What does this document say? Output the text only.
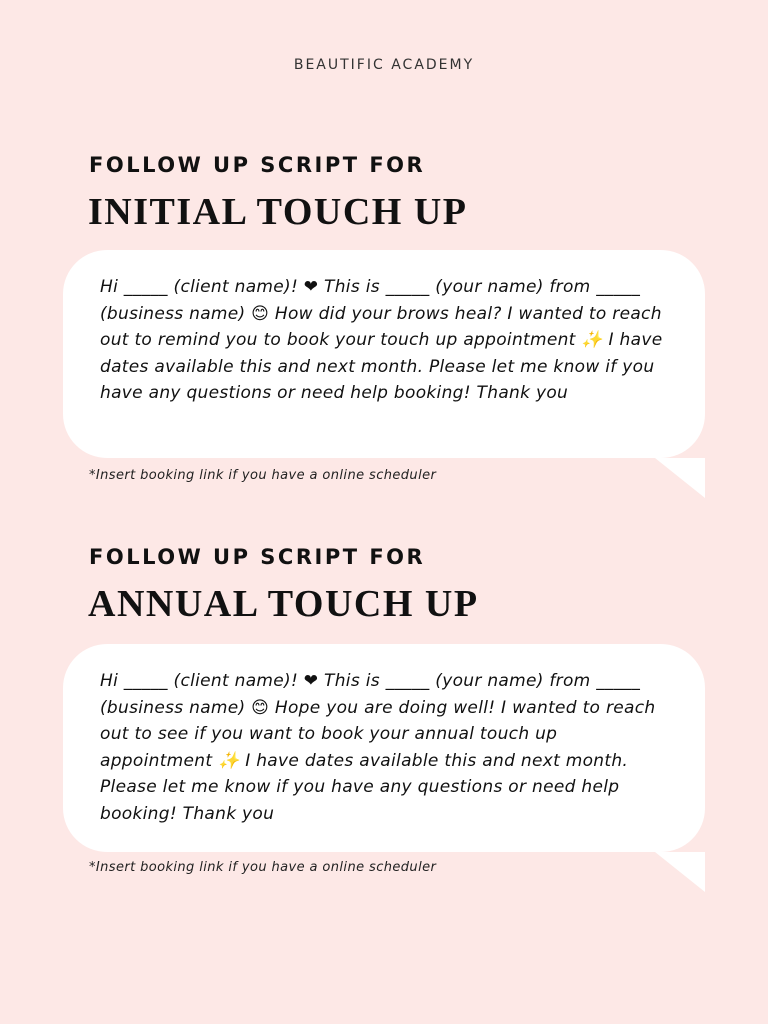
BEAUTIFIC ACADEMY
FOLLOW UP SCRIPT FOR
INITIAL TOUCH UP

Hi _____ (client name)! ❤ This is _____ (your name) from _____ (business name) 😊 How did your brows heal? I wanted to reach out to remind you to book your touch up appointment ✨ I have dates available this and next month. Please let me know if you have any questions or need help booking! Thank you

*Insert booking link if you have a online scheduler
FOLLOW UP SCRIPT FOR
ANNUAL TOUCH UP

Hi _____ (client name)! ❤ This is _____ (your name) from _____ (business name) 😊 Hope you are doing well! I wanted to reach out to see if you want to book your annual touch up appointment ✨ I have dates available this and next month. Please let me know if you have any questions or need help booking! Thank you

*Insert booking link if you have a online scheduler
